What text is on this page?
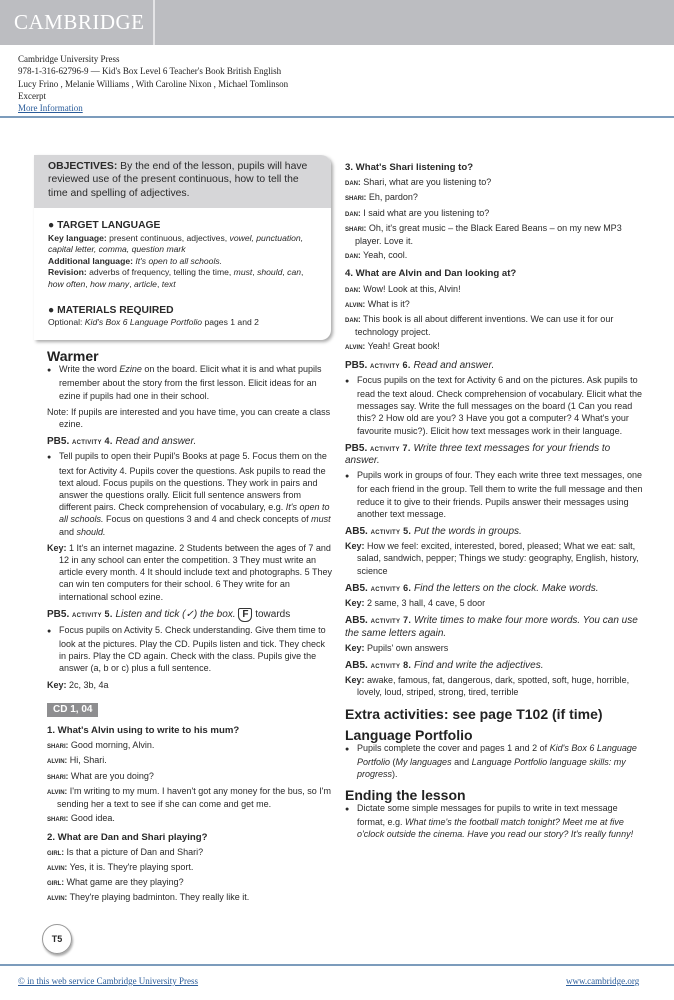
CAMBRIDGE
Cambridge University Press
978-1-316-62796-9 — Kid's Box Level 6 Teacher's Book British English
Lucy Frino , Melanie Williams , With Caroline Nixon , Michael Tomlinson
Excerpt
More Information
OBJECTIVES: By the end of the lesson, pupils will have reviewed use of the present continuous, how to tell the time and spelling of adjectives.
● TARGET LANGUAGE
Key language: present continuous, adjectives, vowel, punctuation, capital letter, comma, question mark
Additional language: It's open to all schools.
Revision: adverbs of frequency, telling the time, must, should, can, how often, how many, article, text
● MATERIALS REQUIRED
Optional: Kid's Box 6 Language Portfolio pages 1 and 2
Warmer
● Write the word Ezine on the board. Elicit what it is and what pupils remember about the story from the first lesson. Elicit ideas for an ezine if pupils had one in their school.
Note: If pupils are interested and you have time, you can create a class ezine.
PB5. activity 4. Read and answer.
● Tell pupils to open their Pupil's Books at page 5. Focus them on the text for Activity 4. Pupils cover the questions. Ask pupils to read the text aloud. Focus pupils on the questions. They work in pairs and answer the questions orally. Elicit full sentence answers from different pairs. Check comprehension of vocabulary, e.g. It's open to all schools. Focus on questions 3 and 4 and check concepts of must and should.
Key: 1 It's an internet magazine. 2 Students between the ages of 7 and 12 in any school can enter the competition. 3 They must write an article every month. 4 It should include text and photographs. 5 They can win ten computers for their school. 6 They write for an international school ezine.
PB5. activity 5. Listen and tick (✓) the box. F towards
● Focus pupils on Activity 5. Check understanding. Give them time to look at the pictures. Play the CD. Pupils listen and tick. They check in pairs. Play the CD again. Check with the class. Pupils give the answer (a, b or c) plus a full sentence.
Key: 2c, 3b, 4a
CD 1, 04
1. What's Alvin using to write to his mum?
shari: Good morning, Alvin.
alvin: Hi, Shari.
shari: What are you doing?
alvin: I'm writing to my mum. I haven't got any money for the bus, so I'm sending her a text to see if she can come and get me.
shari: Good idea.
2. What are Dan and Shari playing?
girl: Is that a picture of Dan and Shari?
alvin: Yes, it is. They're playing sport.
girl: What game are they playing?
alvin: They're playing badminton. They really like it.
3. What's Shari listening to?
dan: Shari, what are you listening to?
shari: Eh, pardon?
dan: I said what are you listening to?
shari: Oh, it's great music – the Black Eared Beans – on my new MP3 player. Love it.
dan: Yeah, cool.
4. What are Alvin and Dan looking at?
dan: Wow! Look at this, Alvin!
alvin: What is it?
dan: This book is all about different inventions. We can use it for our technology project.
alvin: Yeah! Great book!
PB5. activity 6. Read and answer.
● Focus pupils on the text for Activity 6 and on the pictures. Ask pupils to read the text aloud. Check comprehension of vocabulary. Elicit what the messages say. Write the full messages on the board (1 Can you read this? 2 How old are you? 3 Have you got a computer? 4 What's your favourite music?). Elicit how text messages work in their language.
PB5. activity 7. Write three text messages for your friends to answer.
● Pupils work in groups of four. They each write three text messages, one for each friend in the group. Tell them to write the full message and then reduce it to give to their friends. Pupils answer their messages using another text message.
AB5. activity 5. Put the words in groups.
Key: How we feel: excited, interested, bored, pleased; What we eat: salt, salad, sandwich, pepper; Things we study: geography, English, history, science
AB5. activity 6. Find the letters on the clock. Make words.
Key: 2 same, 3 hall, 4 cave, 5 door
AB5. activity 7. Write times to make four more words. You can use the same letters again.
Key: Pupils' own answers
AB5. activity 8. Find and write the adjectives.
Key: awake, famous, fat, dangerous, dark, spotted, soft, huge, horrible, lovely, loud, striped, strong, tired, terrible
Extra activities: see page T102 (if time)
Language Portfolio
● Pupils complete the cover and pages 1 and 2 of Kid's Box 6 Language Portfolio (My languages and Language Portfolio language skills: my progress).
Ending the lesson
● Dictate some simple messages for pupils to write in text message format, e.g. What time's the football match tonight? Meet me at five o'clock outside the cinema. Have you read our story? It's really funny!
T5
© in this web service Cambridge University Press	www.cambridge.org
